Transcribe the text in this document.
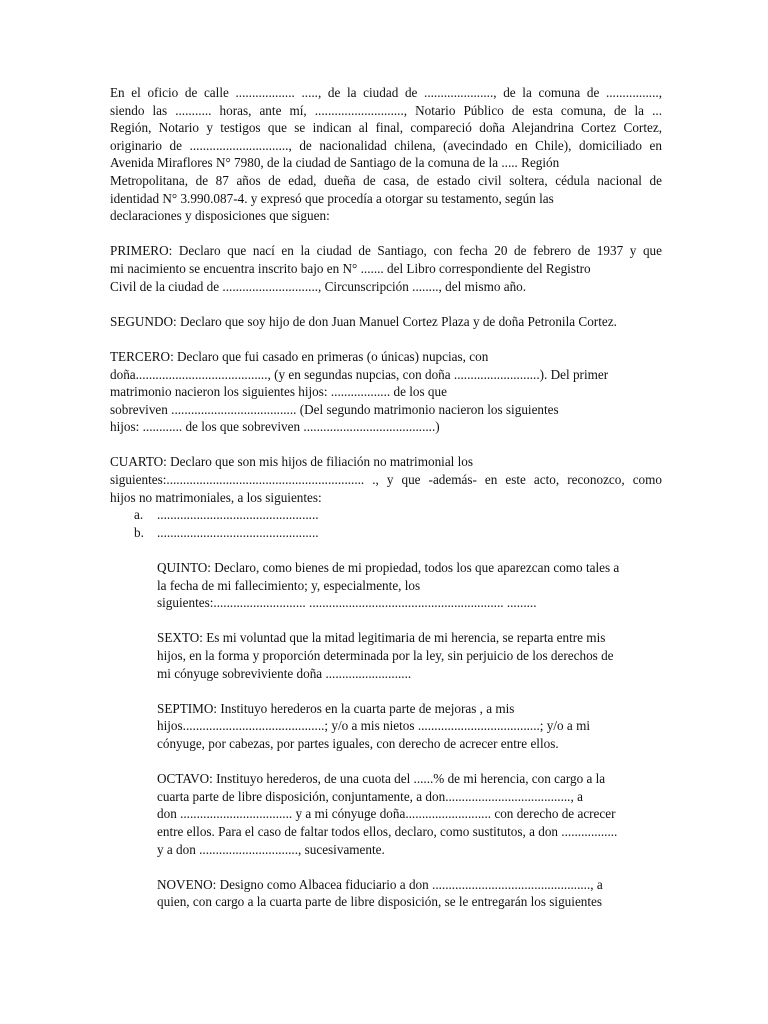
En el oficio de calle .................. ....., de la ciudad de ....................., de la comuna de ................,
siendo las ........... horas, ante mí, ..........................., Notario Público de esta comuna, de la ...
Región, Notario y testigos que se indican al final, compareció doña Alejandrina Cortez Cortez,
originario de .............................., de nacionalidad chilena, (avecindado en Chile), domiciliado en
Avenida Miraflores N° 7980, de la ciudad de Santiago de la comuna de la ..... Región
Metropolitana, de 87 años de edad, dueña de casa, de estado civil soltera, cédula nacional de
identidad N° 3.990.087-4. y expresó que procedía a otorgar su testamento, según las
declaraciones y disposiciones que siguen:
PRIMERO: Declaro que nací en la ciudad de Santiago, con fecha 20 de febrero de 1937 y que
mi nacimiento se encuentra inscrito bajo en N° ....... del Libro correspondiente del Registro
Civil de la ciudad de ............................., Circunscripción ........, del mismo año.
SEGUNDO: Declaro que soy hijo de don Juan Manuel Cortez Plaza y de doña Petronila Cortez.
TERCERO: Declaro que fui casado en primeras (o únicas) nupcias, con
doña........................................, (y en segundas nupcias, con doña ..........................). Del primer
matrimonio nacieron los siguientes hijos: .................. de los que
sobreviven ...................................... (Del segundo matrimonio nacieron los siguientes
hijos: ............ de los que sobreviven ........................................)
CUARTO: Declaro que son mis hijos de filiación no matrimonial los
siguientes:............................................................ ., y que -además- en este acto, reconozco, como
hijos no matrimoniales, a los siguientes:
a.	.................................................
b. .................................................
QUINTO: Declaro, como bienes de mi propiedad, todos los que aparezcan como tales a
la fecha de mi fallecimiento; y, especialmente, los
siguientes:............................ ........................................................... .........
SEXTO: Es mi voluntad que la mitad legitimaria de mi herencia, se reparta entre mis
hijos, en la forma y proporción determinada por la ley, sin perjuicio de los derechos de
mi cónyuge sobreviviente doña ..........................
SEPTIMO: Instituyo herederos en la cuarta parte de mejoras , a mis
hijos...........................................; y/o a mis nietos .....................................; y/o a mi
cónyuge, por cabezas, por partes iguales, con derecho de acrecer entre ellos.
OCTAVO: Instituyo herederos, de una cuota del ......% de mi herencia, con cargo a la
cuarta parte de libre disposición, conjuntamente, a don......................................, a
don .................................. y a mi cónyuge doña.......................... con derecho de acrecer
entre ellos. Para el caso de faltar todos ellos, declaro, como sustitutos, a don .................
y a don .............................., sucesivamente.
NOVENO: Designo como Albacea fiduciario a don ................................................, a
quien, con cargo a la cuarta parte de libre disposición, se le entregarán los siguientes
